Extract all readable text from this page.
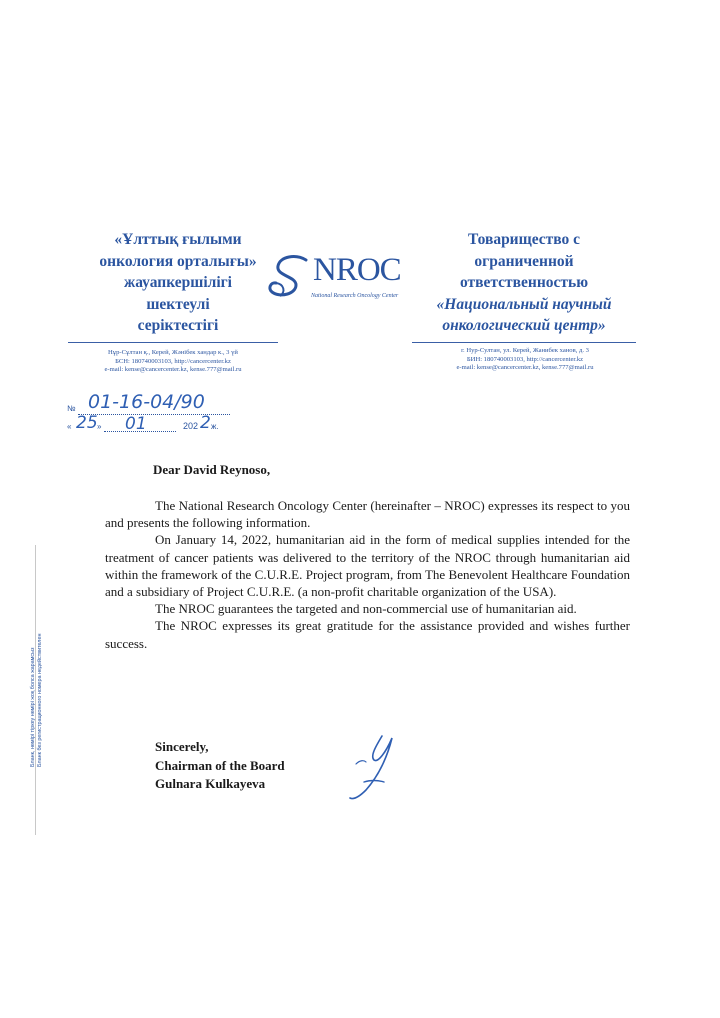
«Ұлттық ғылыми
онкология орталығы»
жауапкершілігі
шектеулі
серіктестігі
Товарищество с
ограниченной
ответственностью
«Национальный научный
онкологический центр»
NROC
National Research Oncology Center
Нұр-Сұлтан қ., Керей, Жәнібек хандар к., 3 үй
БСН: 180740003103, http://cancercenter.kz
e-mail: kense@cancercenter.kz, kense.777@mail.ru
г. Нур-Султан, ул. Керей, Жанибек ханов, д. 3
БИН: 180740003103, http://cancercenter.kz
e-mail: kense@cancercenter.kz, kense.777@mail.ru
№ 01-16-04/90
« 25 » 01	202 2 ж.
Dear David Reynoso,

The National Research Oncology Center (hereinafter – NROC) expresses its respect to you and presents the following information.

On January 14, 2022, humanitarian aid in the form of medical supplies intended for the treatment of cancer patients was delivered to the territory of the NROC through humanitarian aid within the framework of the C.U.R.E. Project program, from The Benevolent Healthcare Foundation and a subsidiary of Project C.U.R.E. (a non-profit charitable organization of the USA).

The NROC guarantees the targeted and non-commercial use of humanitarian aid.

The NROC expresses its great gratitude for the assistance provided and wishes further success.

Sincerely,
Chairman of the Board
Gulnara Kulkayeva
Бланк, нөмірі тіркеу нөмірі жоқ болса жарамсыз Бланк без регистрационного номера недействителен
